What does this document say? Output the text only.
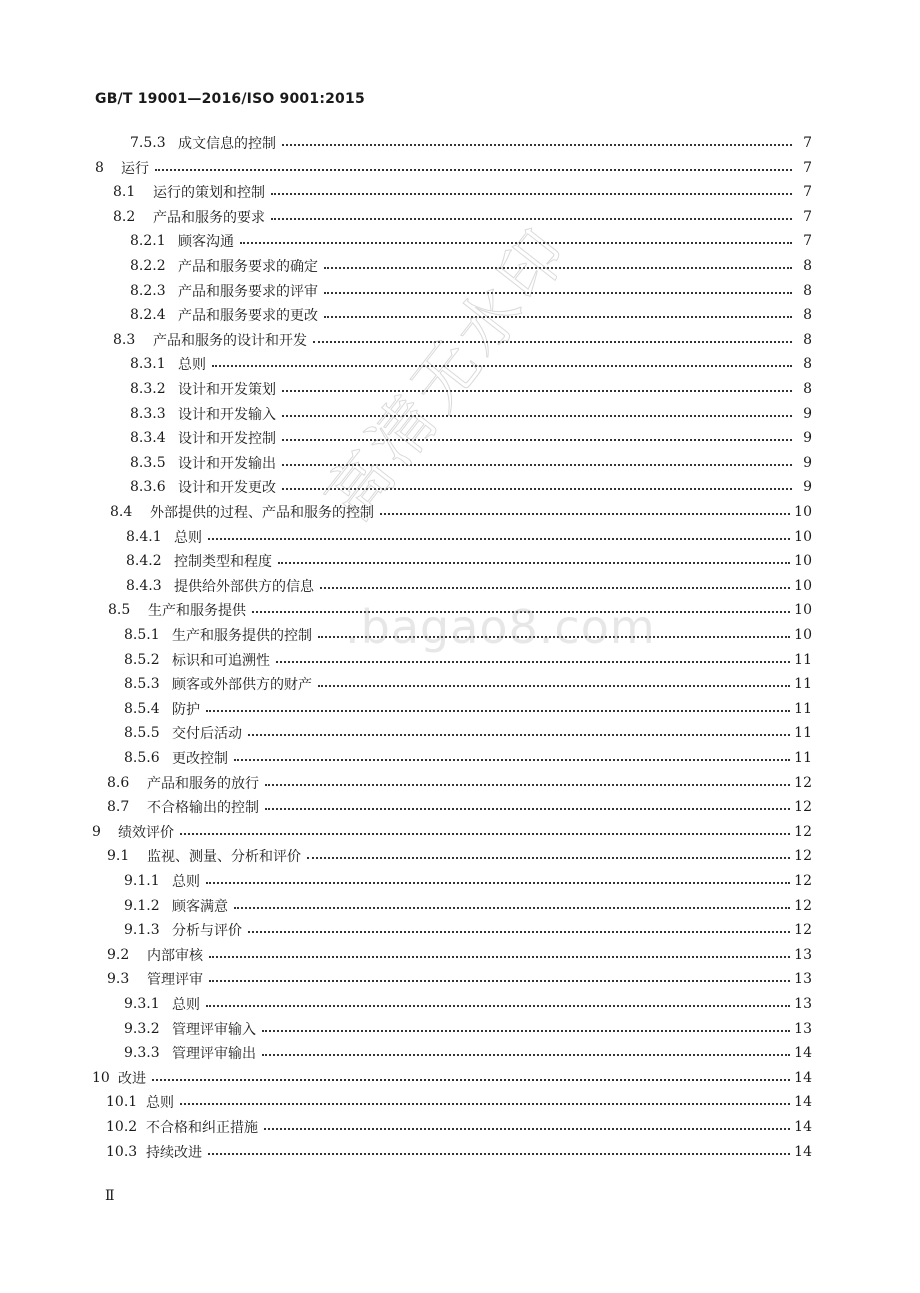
GB/T 19001—2016/ISO 9001:2015
7.5.3 成文信息的控制	7
8	运行	7
8.1	运行的策划和控制	7
8.2	产品和服务的要求	7
8.2.1 顾客沟通	7
8.2.2 产品和服务要求的确定	8
8.2.3 产品和服务要求的评审	8
8.2.4 产品和服务要求的更改	8
8.3	产品和服务的设计和开发	8
8.3.1 总则	8
8.3.2 设计和开发策划	8
8.3.3 设计和开发输入	9
8.3.4 设计和开发控制	9
8.3.5 设计和开发输出	9
8.3.6 设计和开发更改	9
8.4	外部提供的过程、产品和服务的控制	10
8.4.1 总则	10
8.4.2 控制类型和程度	10
8.4.3 提供给外部供方的信息	10
8.5	生产和服务提供	10
8.5.1 生产和服务提供的控制	10
8.5.2 标识和可追溯性	11
8.5.3 顾客或外部供方的财产	11
8.5.4 防护	11
8.5.5 交付后活动	11
8.5.6 更改控制	11
8.6	产品和服务的放行	12
8.7	不合格输出的控制	12
9	绩效评价	12
9.1	监视、测量、分析和评价	12
9.1.1 总则	12
9.1.2 顾客满意	12
9.1.3 分析与评价	12
9.2	内部审核	13
9.3	管理评审	13
9.3.1 总则	13
9.3.2 管理评审输入	13
9.3.3 管理评审输出	14
10 改进	14
10.1 总则	14
10.2 不合格和纠正措施	14
10.3 持续改进	14
高清无水印
.bagao8.com
Ⅱ
